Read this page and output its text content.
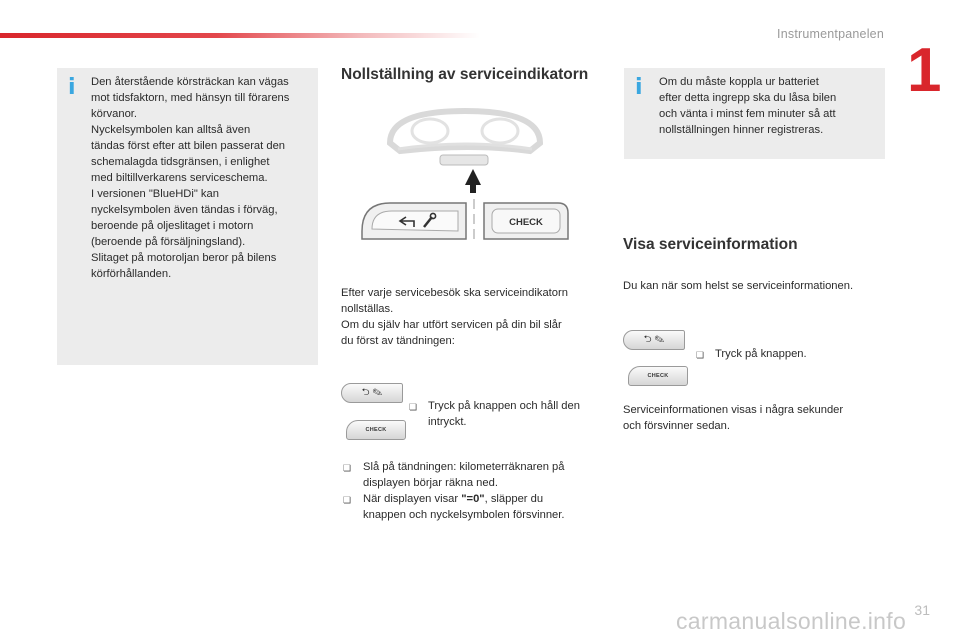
Instrumentpanelen
1
i Den återstående körsträckan kan vägas
mot tidsfaktorn, med hänsyn till förarens
körvanor.
Nyckelsymbolen kan alltså även
tändas först efter att bilen passerat den
schemalagda tidsgränsen, i enlighet
med biltillverkarens serviceschema.
I versionen "BlueHDi" kan
nyckelsymbolen även tändas i förväg,
beroende på oljeslitaget i motorn
(beroende på försäljningsland).
Slitaget på motoroljan beror på bilens
körförhållanden.
Nollställning av serviceindikatorn
CHECK
Efter varje servicebesök ska serviceindikatorn
nollställas.
Om du själv har utfört servicen på din bil slår
du först av tändningen:
⮌ ✎
CHECK
❏ Tryck på knappen och håll den
intryckt.
❏ Slå på tändningen: kilometerräknaren på
displayen börjar räkna ned.
❏ När displayen visar "=0", släpper du
knappen och nyckelsymbolen försvinner.
i Om du måste koppla ur batteriet
efter detta ingrepp ska du låsa bilen
och vänta i minst fem minuter så att
nollställningen hinner registreras.
Visa serviceinformation
Du kan när som helst se serviceinformationen.
⮌ ✎
CHECK
❏ Tryck på knappen.
Serviceinformationen visas i några sekunder
och försvinner sedan.
31
carmanualsonline.info
